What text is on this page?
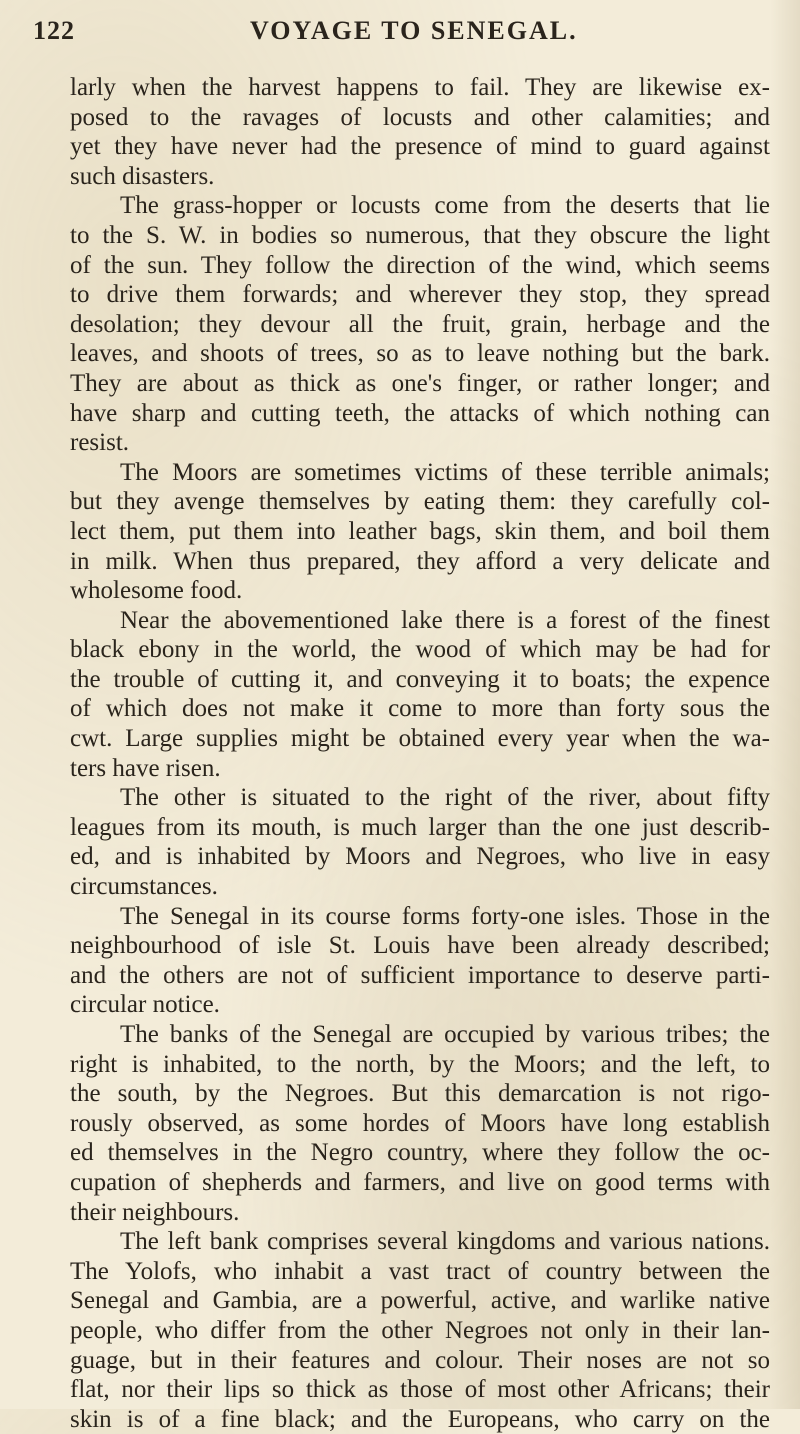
122	VOYAGE TO SENEGAL.
larly when the harvest happens to fail. They are likewise ex-
posed to the ravages of locusts and other calamities; and
yet they have never had the presence of mind to guard against
such disasters.
The grass-hopper or locusts come from the deserts that lie
to the S. W. in bodies so numerous, that they obscure the light
of the sun. They follow the direction of the wind, which seems
to drive them forwards; and wherever they stop, they spread
desolation; they devour all the fruit, grain, herbage and the
leaves, and shoots of trees, so as to leave nothing but the bark.
They are about as thick as one's finger, or rather longer; and
have sharp and cutting teeth, the attacks of which nothing can
resist.
The Moors are sometimes victims of these terrible animals;
but they avenge themselves by eating them: they carefully col-
lect them, put them into leather bags, skin them, and boil them
in milk. When thus prepared, they afford a very delicate and
wholesome food.
Near the abovementioned lake there is a forest of the finest
black ebony in the world, the wood of which may be had for
the trouble of cutting it, and conveying it to boats; the expence
of which does not make it come to more than forty sous the
cwt. Large supplies might be obtained every year when the wa-
ters have risen.
The other is situated to the right of the river, about fifty
leagues from its mouth, is much larger than the one just describ-
ed, and is inhabited by Moors and Negroes, who live in easy
circumstances.
The Senegal in its course forms forty-one isles. Those in the
neighbourhood of isle St. Louis have been already described;
and the others are not of sufficient importance to deserve parti-
circular notice.
The banks of the Senegal are occupied by various tribes; the
right is inhabited, to the north, by the Moors; and the left, to
the south, by the Negroes. But this demarcation is not rigo-
rously observed, as some hordes of Moors have long establish
ed themselves in the Negro country, where they follow the oc-
cupation of shepherds and farmers, and live on good terms with
their neighbours.
The left bank comprises several kingdoms and various nations.
The Yolofs, who inhabit a vast tract of country between the
Senegal and Gambia, are a powerful, active, and warlike native
people, who differ from the other Negroes not only in their lan-
guage, but in their features and colour. Their noses are not so
flat, nor their lips so thick as those of most other Africans; their
skin is of a fine black; and the Europeans, who carry on the
